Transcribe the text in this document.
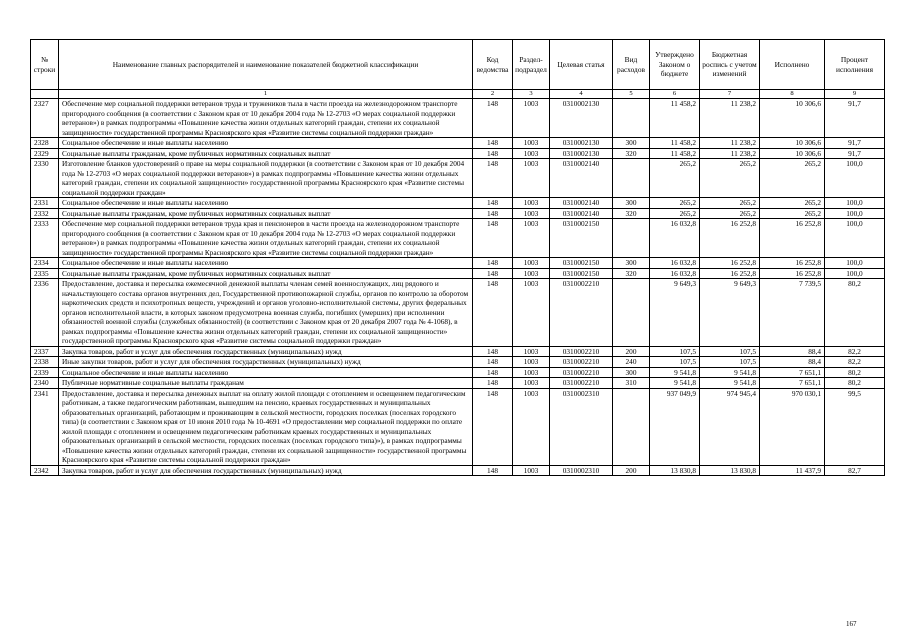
№ строки	Наименование главных распорядителей и наименование показателей бюджетной классификации	Код ведомства	Раздел-подраздел	Целевая статья	Вид расходов	Утверждено Законом о бюджете	Бюджетная роспись с учетом изменений	Исполнено	Процент исполнения
	1	2	3	4	5	6	7	8	9
2327	Обеспечение мер социальной поддержки ветеранов труда и тружеников тыла в части проезда на железнодорожном транспорте пригородного сообщения (в соответствии с Законом края от 10 декабря 2004 года № 12-2703 «О мерах социальной поддержки ветеранов») в рамках подпрограммы «Повышение качества жизни отдельных категорий граждан, степени их социальной защищенности» государственной программы Красноярского края «Развитие системы социальной поддержки граждан»	148	1003	0310002130		11 458,2	11 238,2	10 306,6	91,7
2328	Социальное обеспечение и иные выплаты населению	148	1003	0310002130	300	11 458,2	11 238,2	10 306,6	91,7
2329	Социальные выплаты гражданам, кроме публичных нормативных социальных выплат	148	1003	0310002130	320	11 458,2	11 238,2	10 306,6	91,7
2330	Изготовление бланков удостоверений о праве на меры социальной поддержки (в соответствии с Законом края от 10 декабря 2004 года № 12-2703 «О мерах социальной поддержки ветеранов») в рамках подпрограммы «Повышение качества жизни отдельных категорий граждан, степени их социальной защищенности» государственной программы Красноярского края «Развитие системы социальной поддержки граждан»	148	1003	0310002140		265,2	265,2	265,2	100,0
2331	Социальное обеспечение и иные выплаты населению	148	1003	0310002140	300	265,2	265,2	265,2	100,0
2332	Социальные выплаты гражданам, кроме публичных нормативных социальных выплат	148	1003	0310002140	320	265,2	265,2	265,2	100,0
2333	Обеспечение мер социальной поддержки ветеранов труда края и пенсионеров в части проезда на железнодорожном транспорте пригородного сообщения (в соответствии с Законом края от 10 декабря 2004 года № 12-2703 «О мерах социальной поддержки ветеранов») в рамках подпрограммы «Повышение качества жизни отдельных категорий граждан, степени их социальной защищенности» государственной программы Красноярского края «Развитие системы социальной поддержки граждан»	148	1003	0310002150		16 032,8	16 252,8	16 252,8	100,0
2334	Социальное обеспечение и иные выплаты населению	148	1003	0310002150	300	16 032,8	16 252,8	16 252,8	100,0
2335	Социальные выплаты гражданам, кроме публичных нормативных социальных выплат	148	1003	0310002150	320	16 032,8	16 252,8	16 252,8	100,0
2336	Предоставление, доставка и пересылка ежемесячной денежной выплаты членам семей военнослужащих, лиц рядового и начальствующего состава органов внутренних дел, Государственной противопожарной службы, органов по контролю за оборотом наркотических средств и психотропных веществ, учреждений и органов уголовно-исполнительной системы, других федеральных органов исполнительной власти, в которых законом предусмотрена военная служба, погибших (умерших) при исполнении обязанностей военной службы (служебных обязанностей) (в соответствии с Законом края от 20 декабря 2007 года № 4-1068), в рамках подпрограммы «Повышение качества жизни отдельных категорий граждан, степени их социальной защищенности» государственной программы Красноярского края «Развитие системы социальной поддержки граждан»	148	1003	0310002210		9 649,3	9 649,3	7 739,5	80,2
2337	Закупка товаров, работ и услуг для обеспечения государственных (муниципальных) нужд	148	1003	0310002210	200	107,5	107,5	88,4	82,2
2338	Иные закупки товаров, работ и услуг для обеспечения государственных (муниципальных) нужд	148	1003	0310002210	240	107,5	107,5	88,4	82,2
2339	Социальное обеспечение и иные выплаты населению	148	1003	0310002210	300	9 541,8	9 541,8	7 651,1	80,2
2340	Публичные нормативные социальные выплаты гражданам	148	1003	0310002210	310	9 541,8	9 541,8	7 651,1	80,2
2341	Предоставление, доставка и пересылка денежных выплат на оплату жилой площади с отоплением и освещением педагогическим работникам, а также педагогическим работникам, вышедшим на пенсию, краевых государственных и муниципальных образовательных организаций, работающим и проживающим в сельской местности, городских поселках (поселках городского типа) (в соответствии с Законом края от 10 июня 2010 года № 10-4691 «О предоставлении мер социальной поддержки по оплате жилой площади с отоплением и освещением педагогическим работникам краевых государственных и муниципальных образовательных организаций в сельской местности, городских поселках (поселках городского типа)»), в рамках подпрограммы «Повышение качества жизни отдельных категорий граждан, степени их социальной защищенности» государственной программы Красноярского края «Развитие системы социальной поддержки граждан»	148	1003	0310002310		937 049,9	974 945,4	970 030,1	99,5
2342	Закупка товаров, работ и услуг для обеспечения государственных (муниципальных) нужд	148	1003	0310002310	200	13 830,8	13 830,8	11 437,9	82,7
167
